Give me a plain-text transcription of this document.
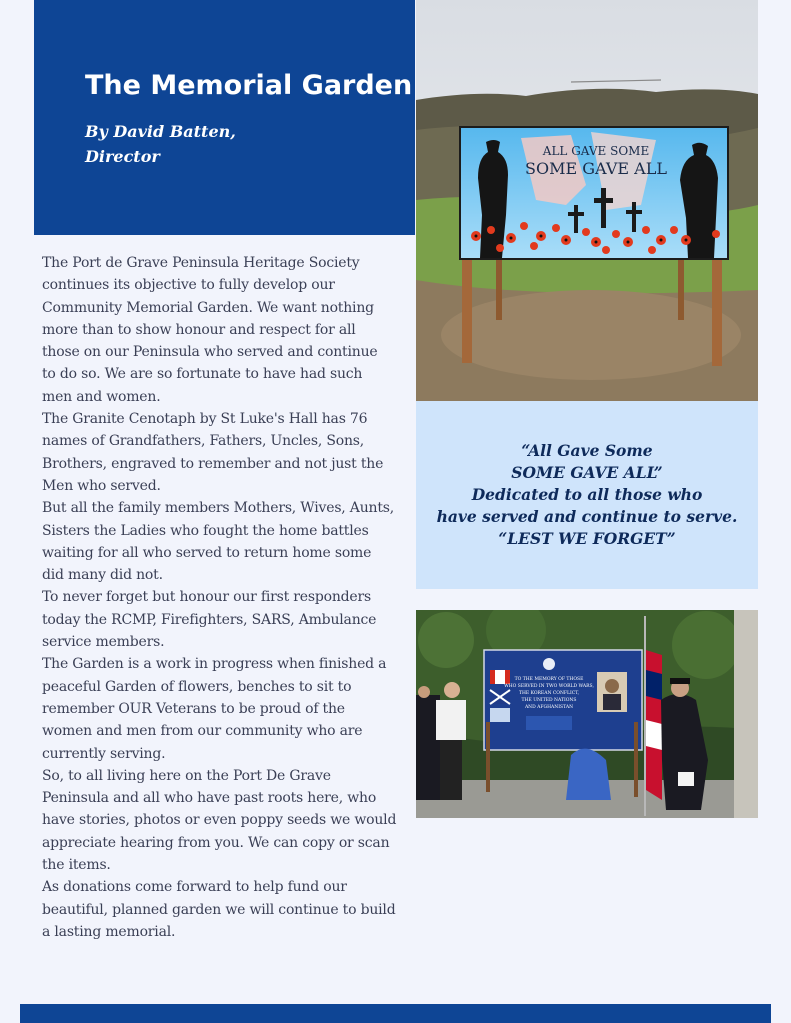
The Memorial Garden
By David Batten,
Director

The Port de Grave Peninsula Heritage Society

continues its objective to fully develop our

Community Memorial Garden. We want nothing

more than to show honour and respect for all

those on our Peninsula who served and continue

to do so. We are so fortunate to have had such

men and women.

The Granite Cenotaph by St Luke's Hall has 76

names of Grandfathers, Fathers, Uncles, Sons,

Brothers, engraved to remember and not just the

Men who served.

But all the family members Mothers, Wives, Aunts,

Sisters the Ladies who fought the home battles

waiting for all who served to return home some

did many did not.

To never forget but honour our first responders

today the RCMP, Firefighters, SARS, Ambulance

service members.

The Garden is a work in progress when finished a

peaceful Garden of flowers, benches to sit to

remember OUR Veterans to be proud of the

women and men from our community who are

currently serving.

So, to all living here on the Port De Grave

Peninsula and all who have past roots here, who

have stories, photos or even poppy seeds we would

appreciate hearing from you. We can copy or scan

the items.

As donations come forward to help fund our

beautiful, planned garden we will continue to build

a lasting memorial.

ALL GAVE SOME
SOME GAVE ALL
“All Gave Some
SOME GAVE ALL”
Dedicated to all those who
have served and continue to serve.
“LEST WE FORGET”
TO THE MEMORY OF THOSE
WHO SERVED IN TWO WORLD WARS,
THE KOREAN CONFLICT,
THE UNITED NATIONS
AND AFGHANISTAN
